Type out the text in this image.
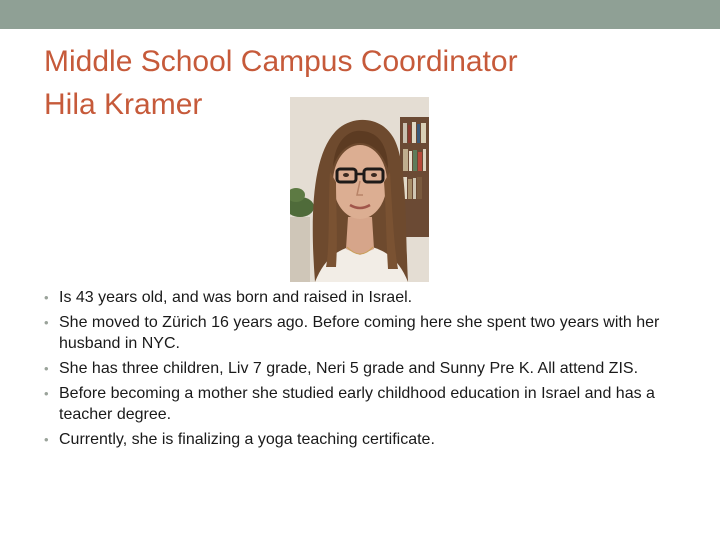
Middle School Campus Coordinator
Hila Kramer
• Is 43 years old, and was born and raised in Israel.
• She moved to Zürich 16 years ago. Before coming here she spent two years with her husband in NYC.
• She has three children, Liv 7 grade, Neri 5 grade and Sunny Pre K. All attend ZIS.
• Before becoming a mother she studied early childhood education in Israel and has a teacher degree.
• Currently, she is finalizing a yoga teaching certificate.
